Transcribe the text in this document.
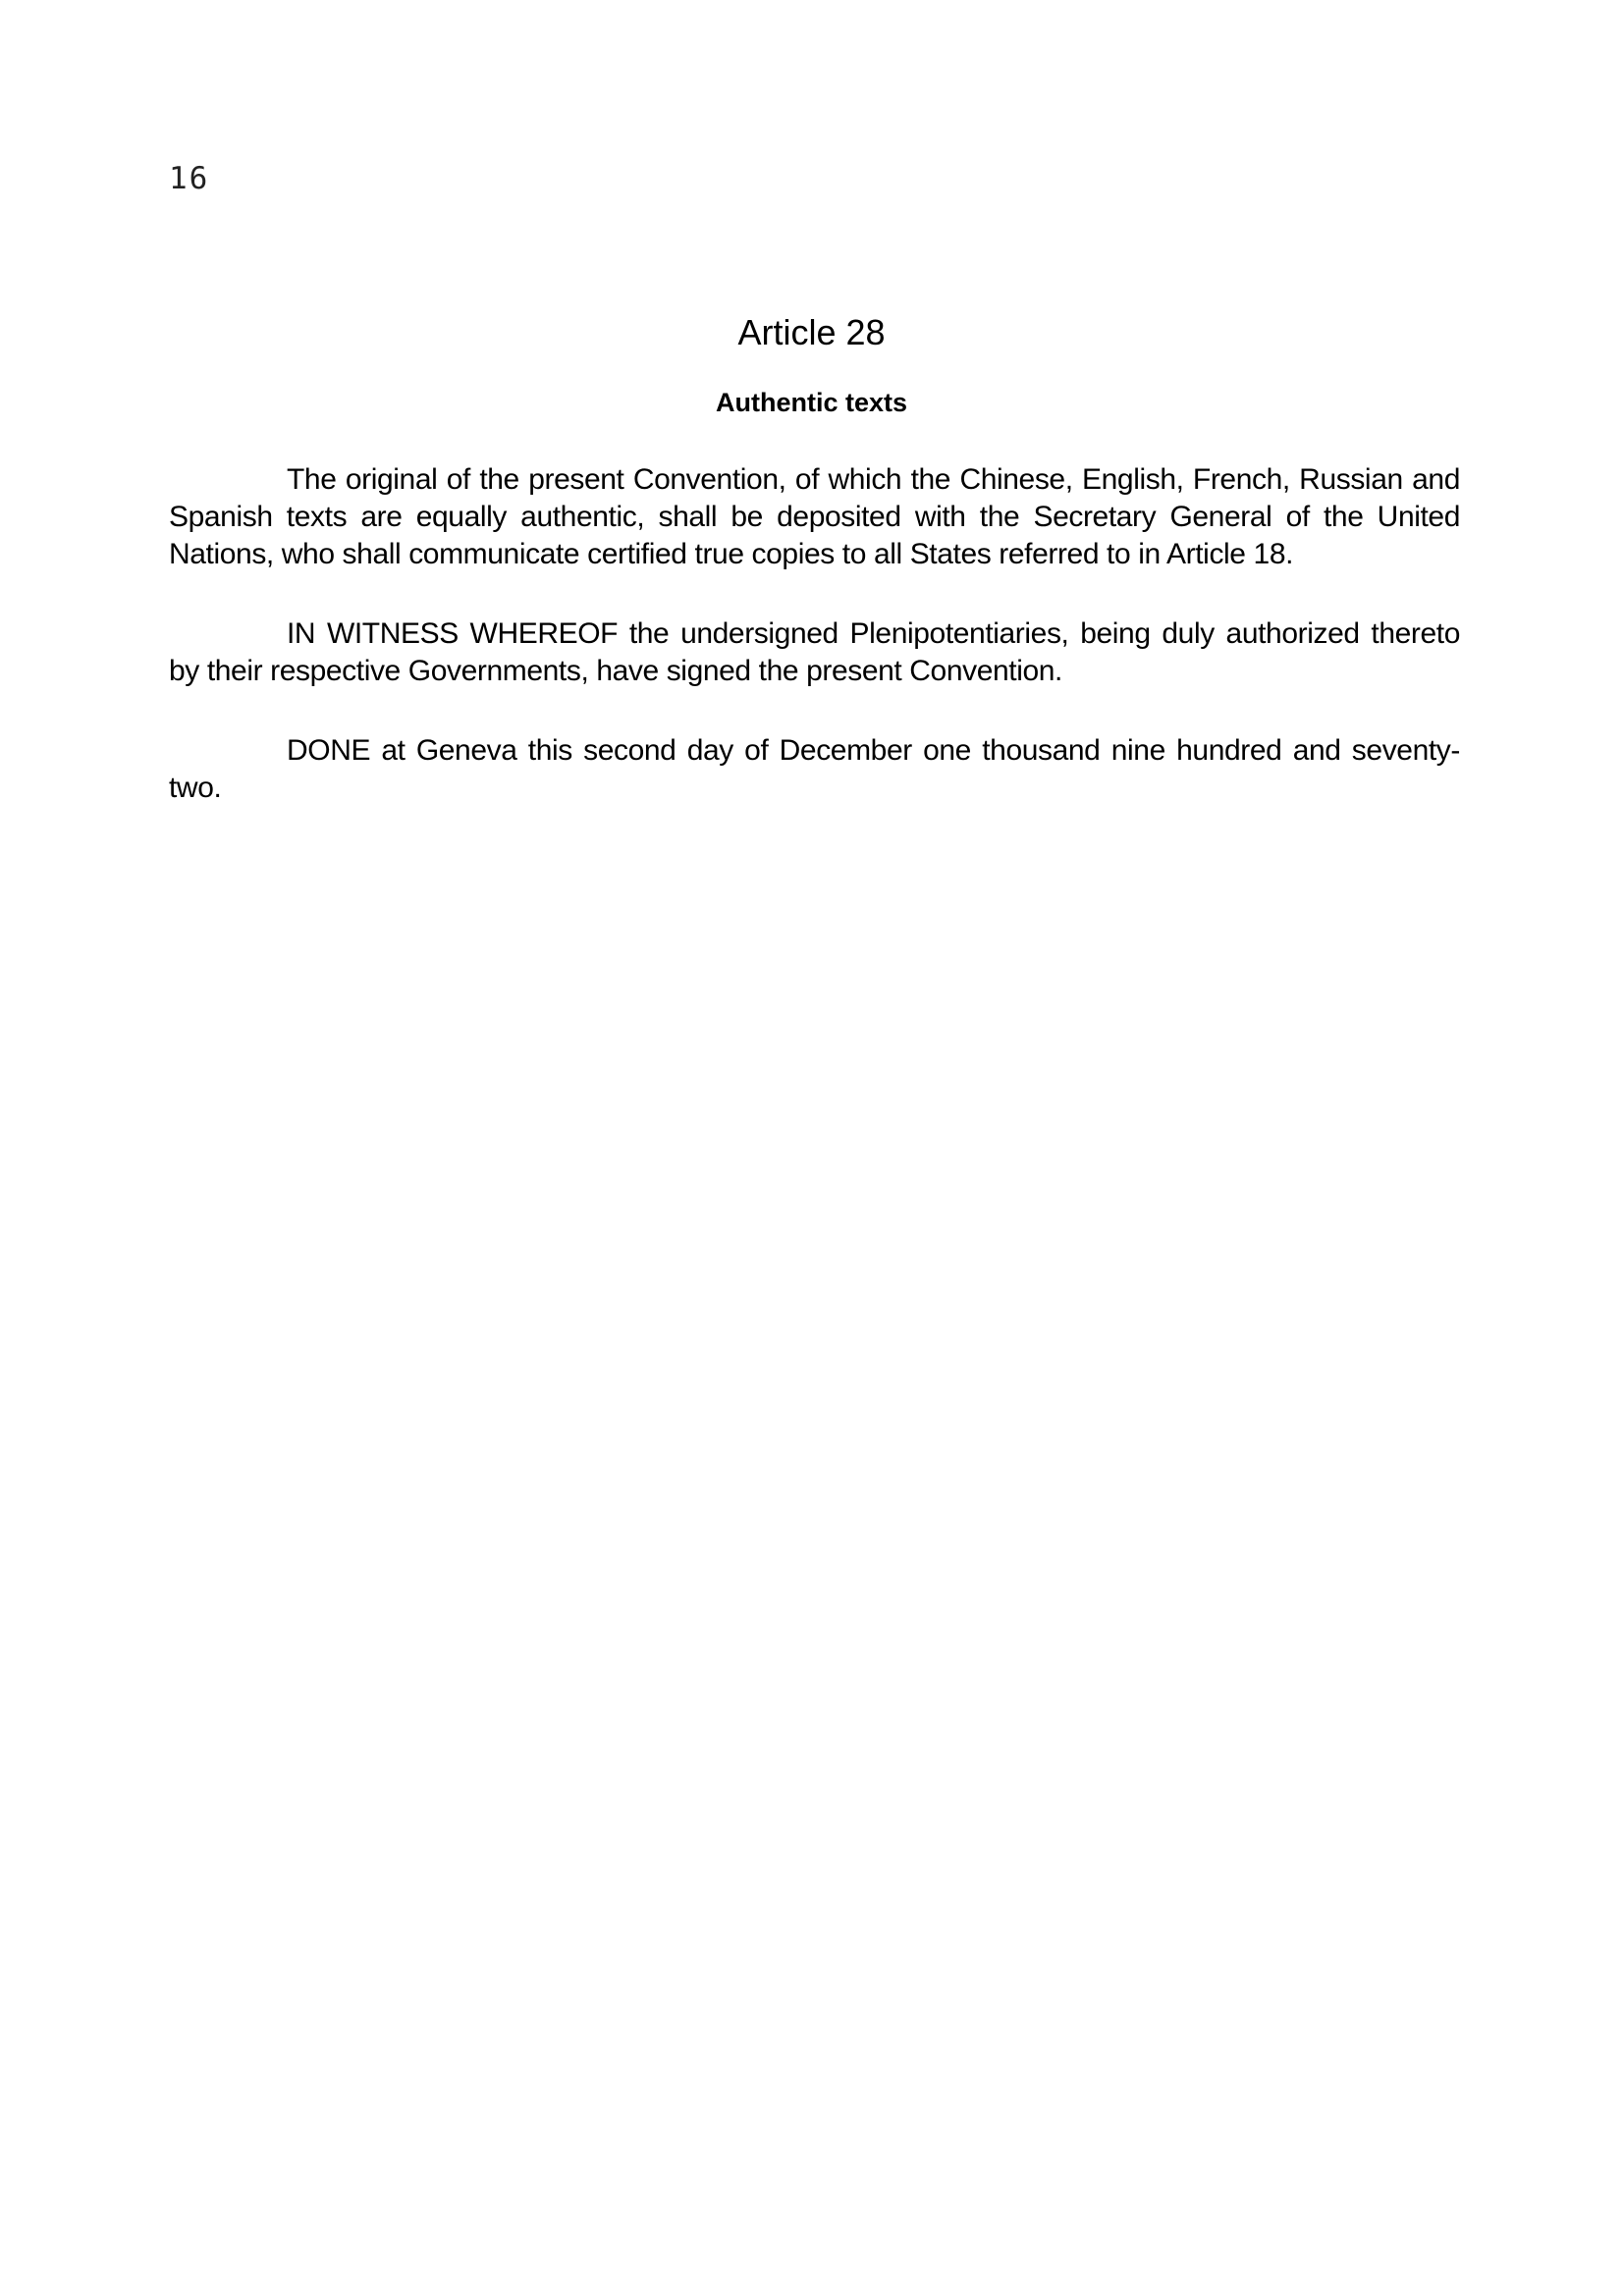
16
Article 28
Authentic texts

The original of the present Convention, of which the Chinese, English, French, Russian and Spanish texts are equally authentic, shall be deposited with the Secretary General of the United Nations, who shall communicate certified true copies to all States referred to in Article 18.

IN WITNESS WHEREOF the undersigned Plenipotentiaries, being duly authorized thereto by their respective Governments, have signed the present Convention.

DONE at Geneva this second day of December one thousand nine hundred and seventy-two.
